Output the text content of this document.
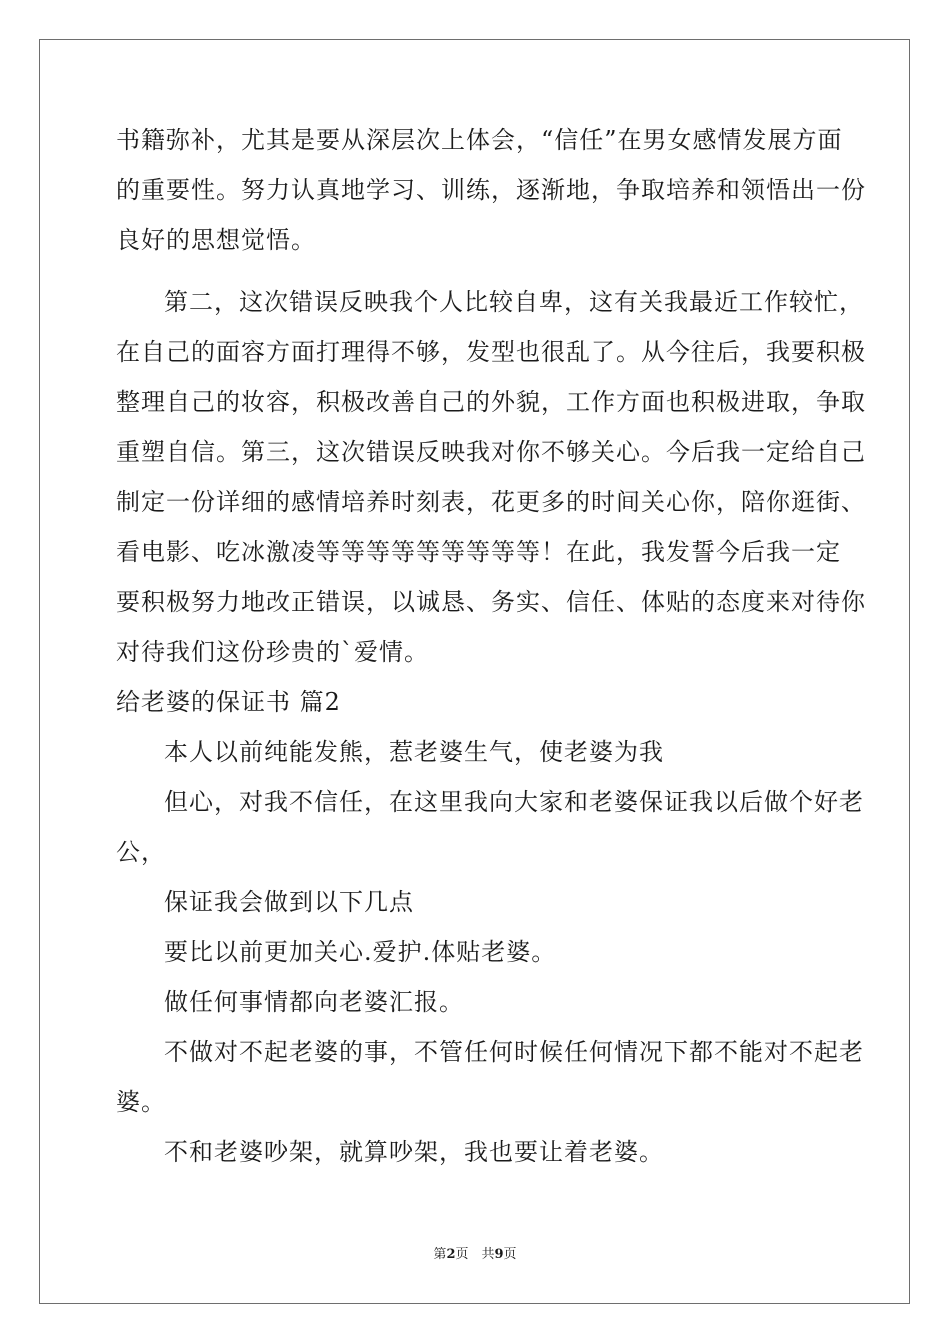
书籍弥补，尤其是要从深层次上体会，“信任”在男女感情发展方面
的重要性。努力认真地学习、训练，逐渐地，争取培养和领悟出一份
良好的思想觉悟。
第二，这次错误反映我个人比较自卑，这有关我最近工作较忙，
在自己的面容方面打理得不够，发型也很乱了。从今往后，我要积极
整理自己的妆容，积极改善自己的外貌，工作方面也积极进取，争取
重塑自信。第三，这次错误反映我对你不够关心。今后我一定给自己
制定一份详细的感情培养时刻表，花更多的时间关心你，陪你逛街、
看电影、吃冰激凌等等等等等等等等等！在此，我发誓今后我一定
要积极努力地改正错误，以诚恳、务实、信任、体贴的态度来对待你
对待我们这份珍贵的`爱情。
给老婆的保证书 篇2
本人以前纯能发熊，惹老婆生气，使老婆为我
但心，对我不信任，在这里我向大家和老婆保证我以后做个好老
公，
保证我会做到以下几点
要比以前更加关心.爱护.体贴老婆。
做任何事情都向老婆汇报。
不做对不起老婆的事，不管任何时候任何情况下都不能对不起老
婆。
不和老婆吵架，就算吵架，我也要让着老婆。
第2页　共9页
